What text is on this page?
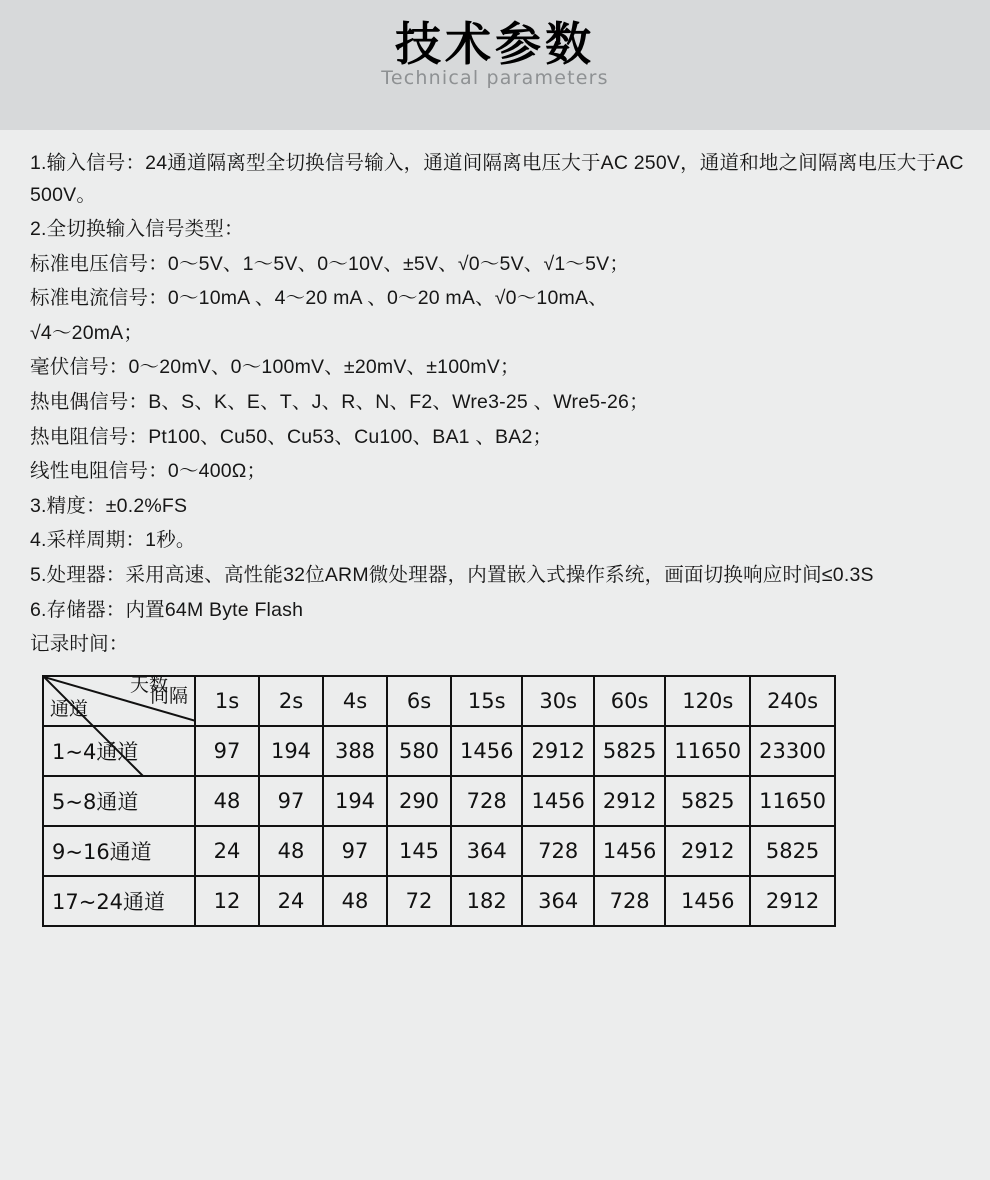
技术参数
Technical parameters

1.输入信号：24通道隔离型全切换信号输入，通道间隔离电压大于AC 250V，通道和地之间隔离电压大于AC 500V。

2.全切换输入信号类型：

标准电压信号：0〜5V、1〜5V、0〜10V、±5V、√0〜5V、√1〜5V；

标准电流信号：0〜10mA 、4〜20 mA 、0〜20 mA、√0〜10mA、

√4〜20mA；

毫伏信号：0〜20mV、0〜100mV、±20mV、±100mV；

热电偶信号：B、S、K、E、T、J、R、N、F2、Wre3-25 、Wre5-26；

热电阻信号：Pt100、Cu50、Cu53、Cu100、BA1 、BA2；

线性电阻信号：0〜400Ω；

3.精度：±0.2%FS

4.采样周期：1秒。

5.处理器：采用高速、高性能32位ARM微处理器，内置嵌入式操作系统，画面切换响应时间≤0.3S

6.存储器：内置64M Byte Flash

记录时间：

间隔
天数
通道	1s	2s	4s	6s	15s	30s	60s	120s	240s
1~4通道	97	194	388	580	1456	2912	5825	11650	23300
5~8通道	48	97	194	290	728	1456	2912	5825	11650
9~16通道	24	48	97	145	364	728	1456	2912	5825
17~24通道	12	24	48	72	182	364	728	1456	2912
